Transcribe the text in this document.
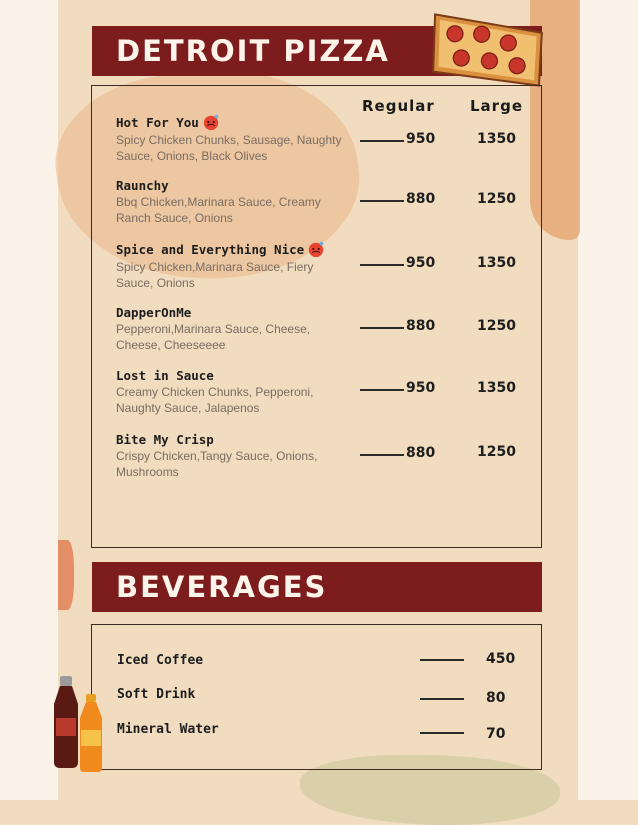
DETROIT PIZZA
Regular Large
Hot For You
Spicy Chicken Chunks, Sausage, Naughty Sauce, Onions, Black Olives
950	1350
Raunchy
Bbq Chicken,Marinara Sauce, Creamy Ranch Sauce, Onions
880	1250
Spice and Everything Nice
Spicy Chicken,Marinara Sauce, Fiery Sauce, Onions
950	1350
DapperOnMe
Pepperoni,Marinara Sauce, Cheese, Cheese, Cheeseeee
880	1250
Lost in Sauce
Creamy Chicken Chunks, Pepperoni, Naughty Sauce, Jalapenos
950	1350
Bite My Crisp
Crispy Chicken,Tangy Sauce, Onions, Mushrooms
880	1250
BEVERAGES
Iced Coffee	450
Soft Drink	80
Mineral Water	70
